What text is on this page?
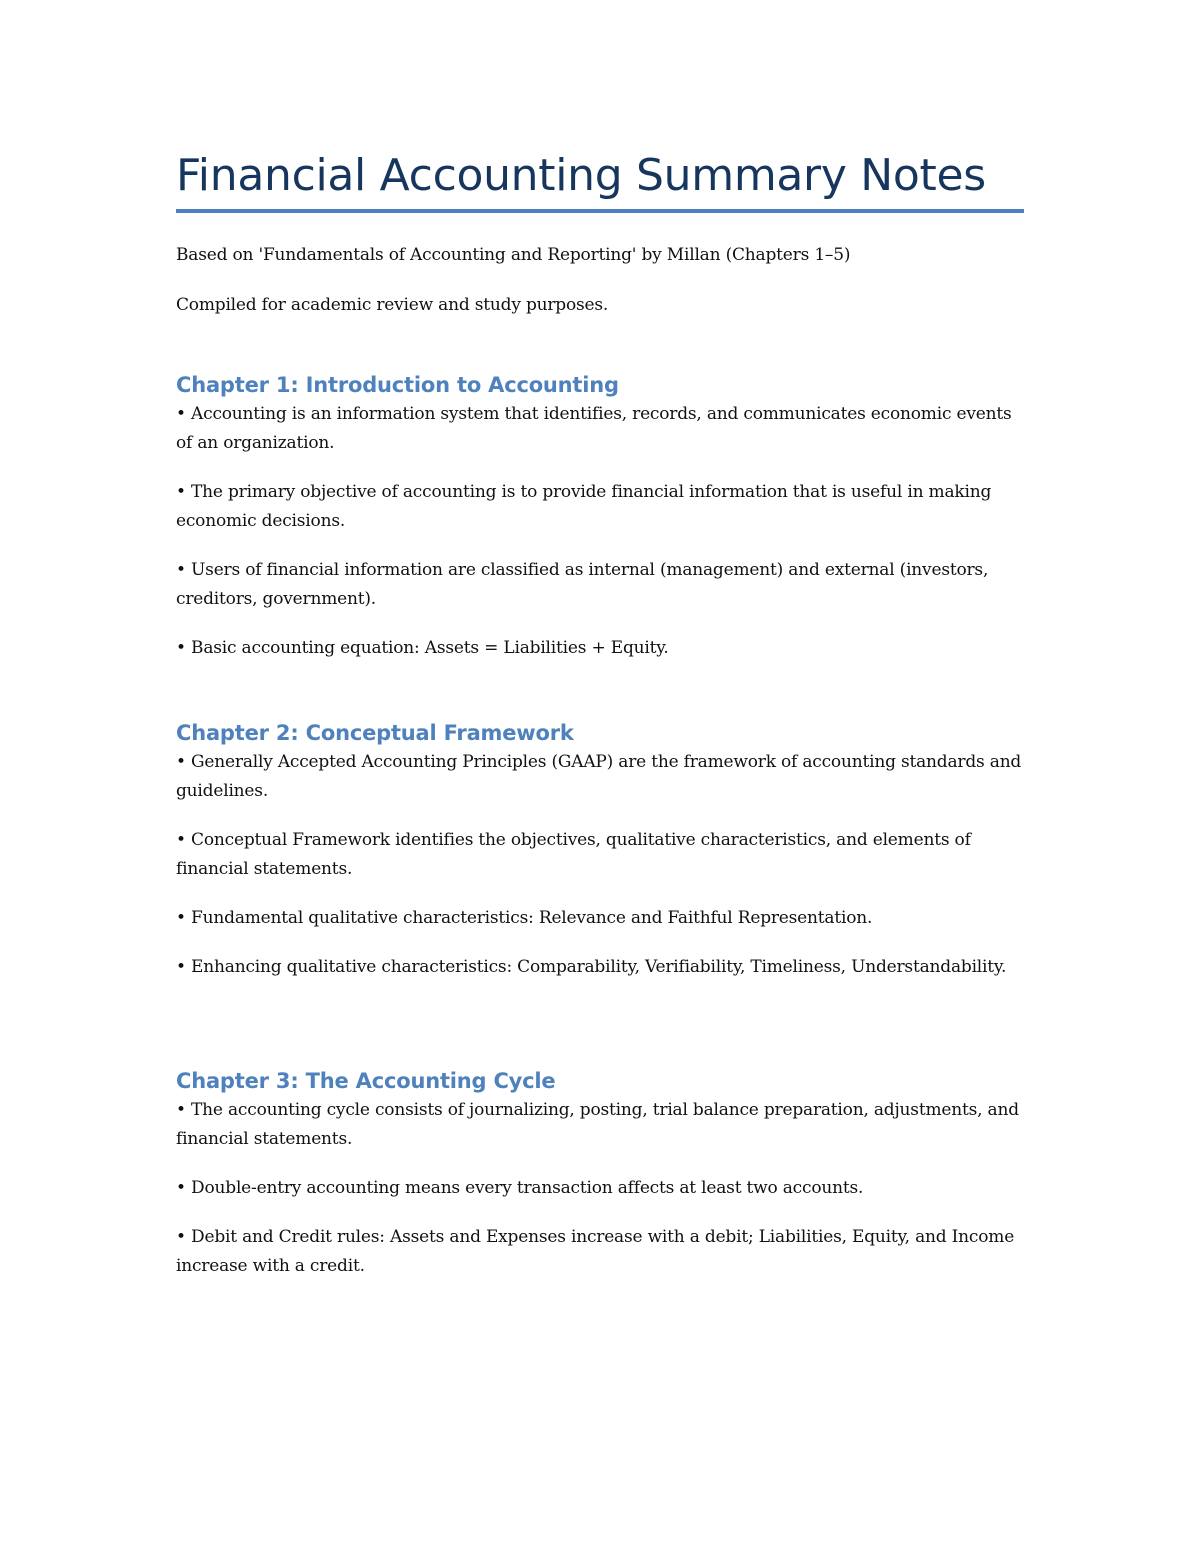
Financial Accounting Summary Notes

Based on 'Fundamentals of Accounting and Reporting' by Millan (Chapters 1–5)

Compiled for academic review and study purposes.

Chapter 1: Introduction to Accounting

• Accounting is an information system that identifies, records, and communicates economic events of an organization.

• The primary objective of accounting is to provide financial information that is useful in making economic decisions.

• Users of financial information are classified as internal (management) and external (investors, creditors, government).

• Basic accounting equation: Assets = Liabilities + Equity.

Chapter 2: Conceptual Framework

• Generally Accepted Accounting Principles (GAAP) are the framework of accounting standards and guidelines.

• Conceptual Framework identifies the objectives, qualitative characteristics, and elements of financial statements.

• Fundamental qualitative characteristics: Relevance and Faithful Representation.

• Enhancing qualitative characteristics: Comparability, Verifiability, Timeliness, Understandability.

Chapter 3: The Accounting Cycle

• The accounting cycle consists of journalizing, posting, trial balance preparation, adjustments, and financial statements.

• Double-entry accounting means every transaction affects at least two accounts.

• Debit and Credit rules: Assets and Expenses increase with a debit; Liabilities, Equity, and Income increase with a credit.
